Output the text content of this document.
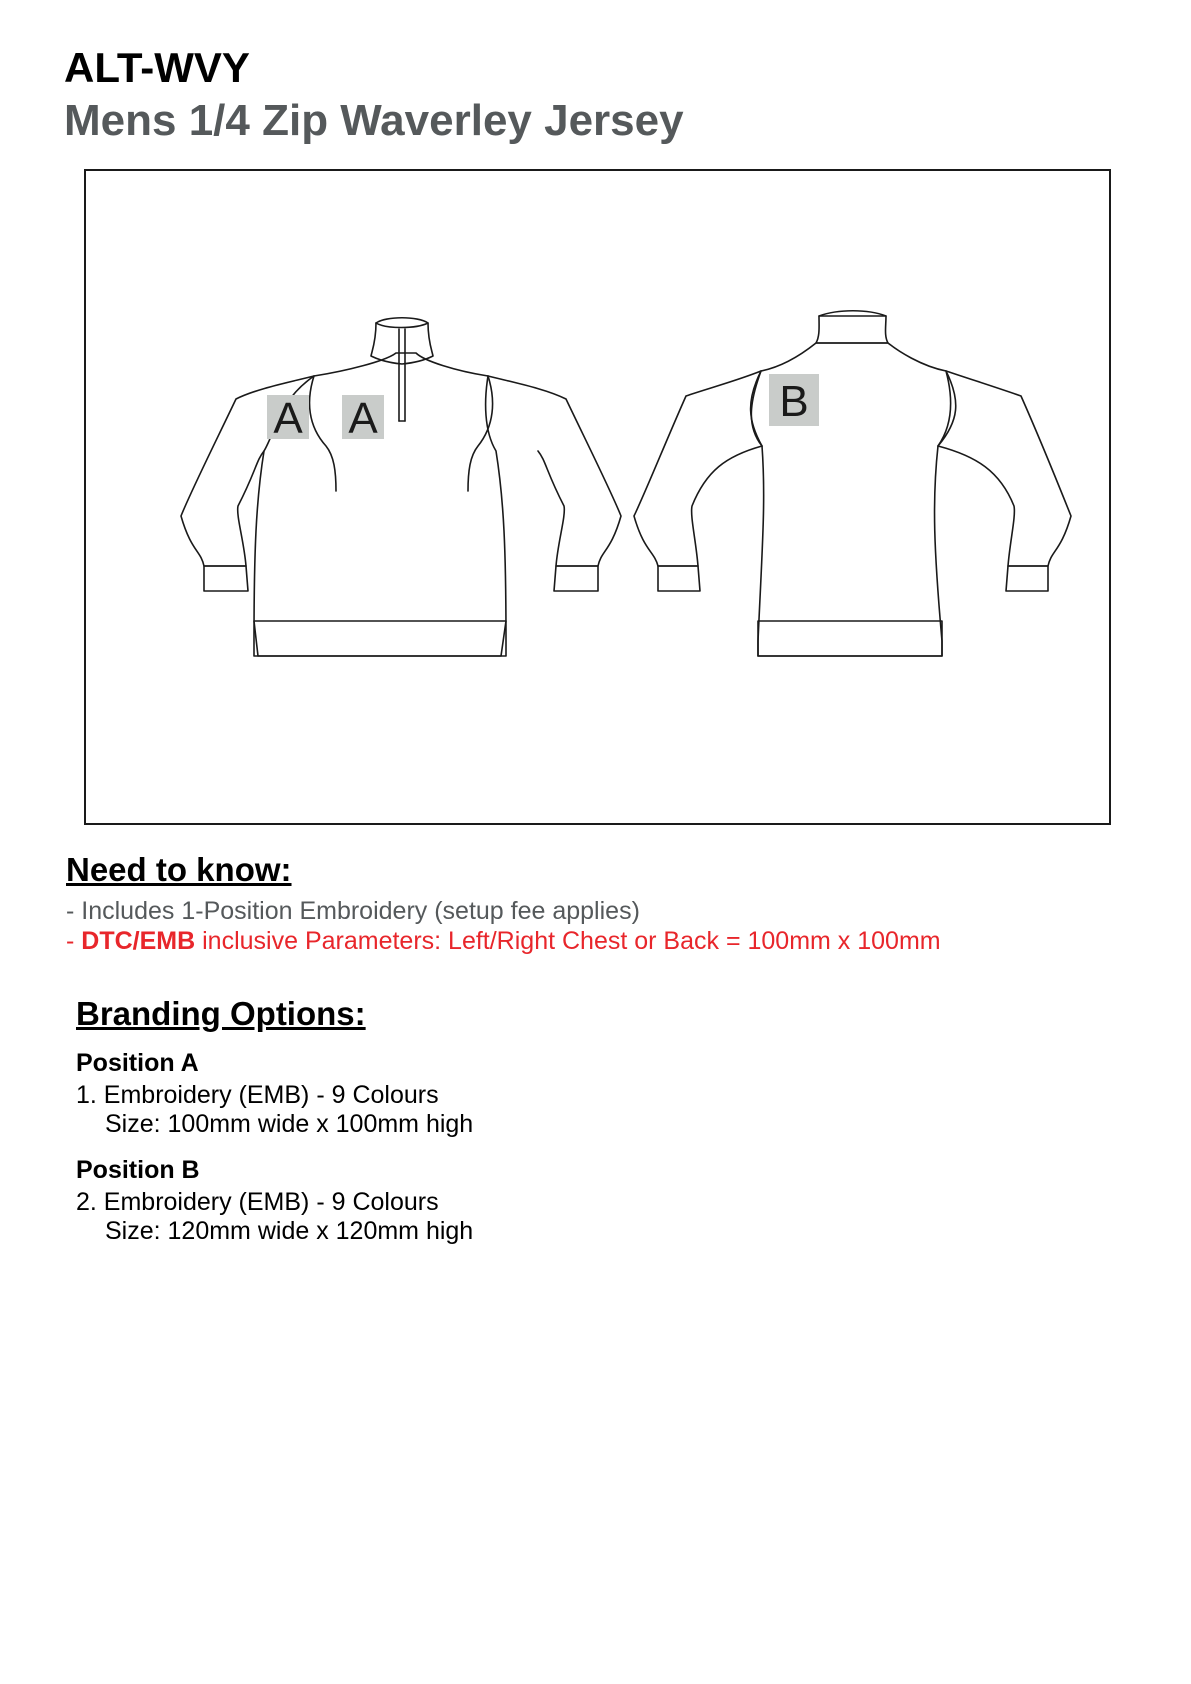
ALT-WVY
Mens 1/4 Zip Waverley Jersey
A A	B
Need to know:

- Includes 1-Position Embroidery (setup fee applies)

- DTC/EMB inclusive Parameters: Left/Right Chest or Back = 100mm x 100mm

Branding Options:

Position A

1. Embroidery (EMB) - 9 Colours

Size: 100mm wide x 100mm high

Position B

2. Embroidery (EMB) - 9 Colours

Size: 120mm wide x 120mm high
